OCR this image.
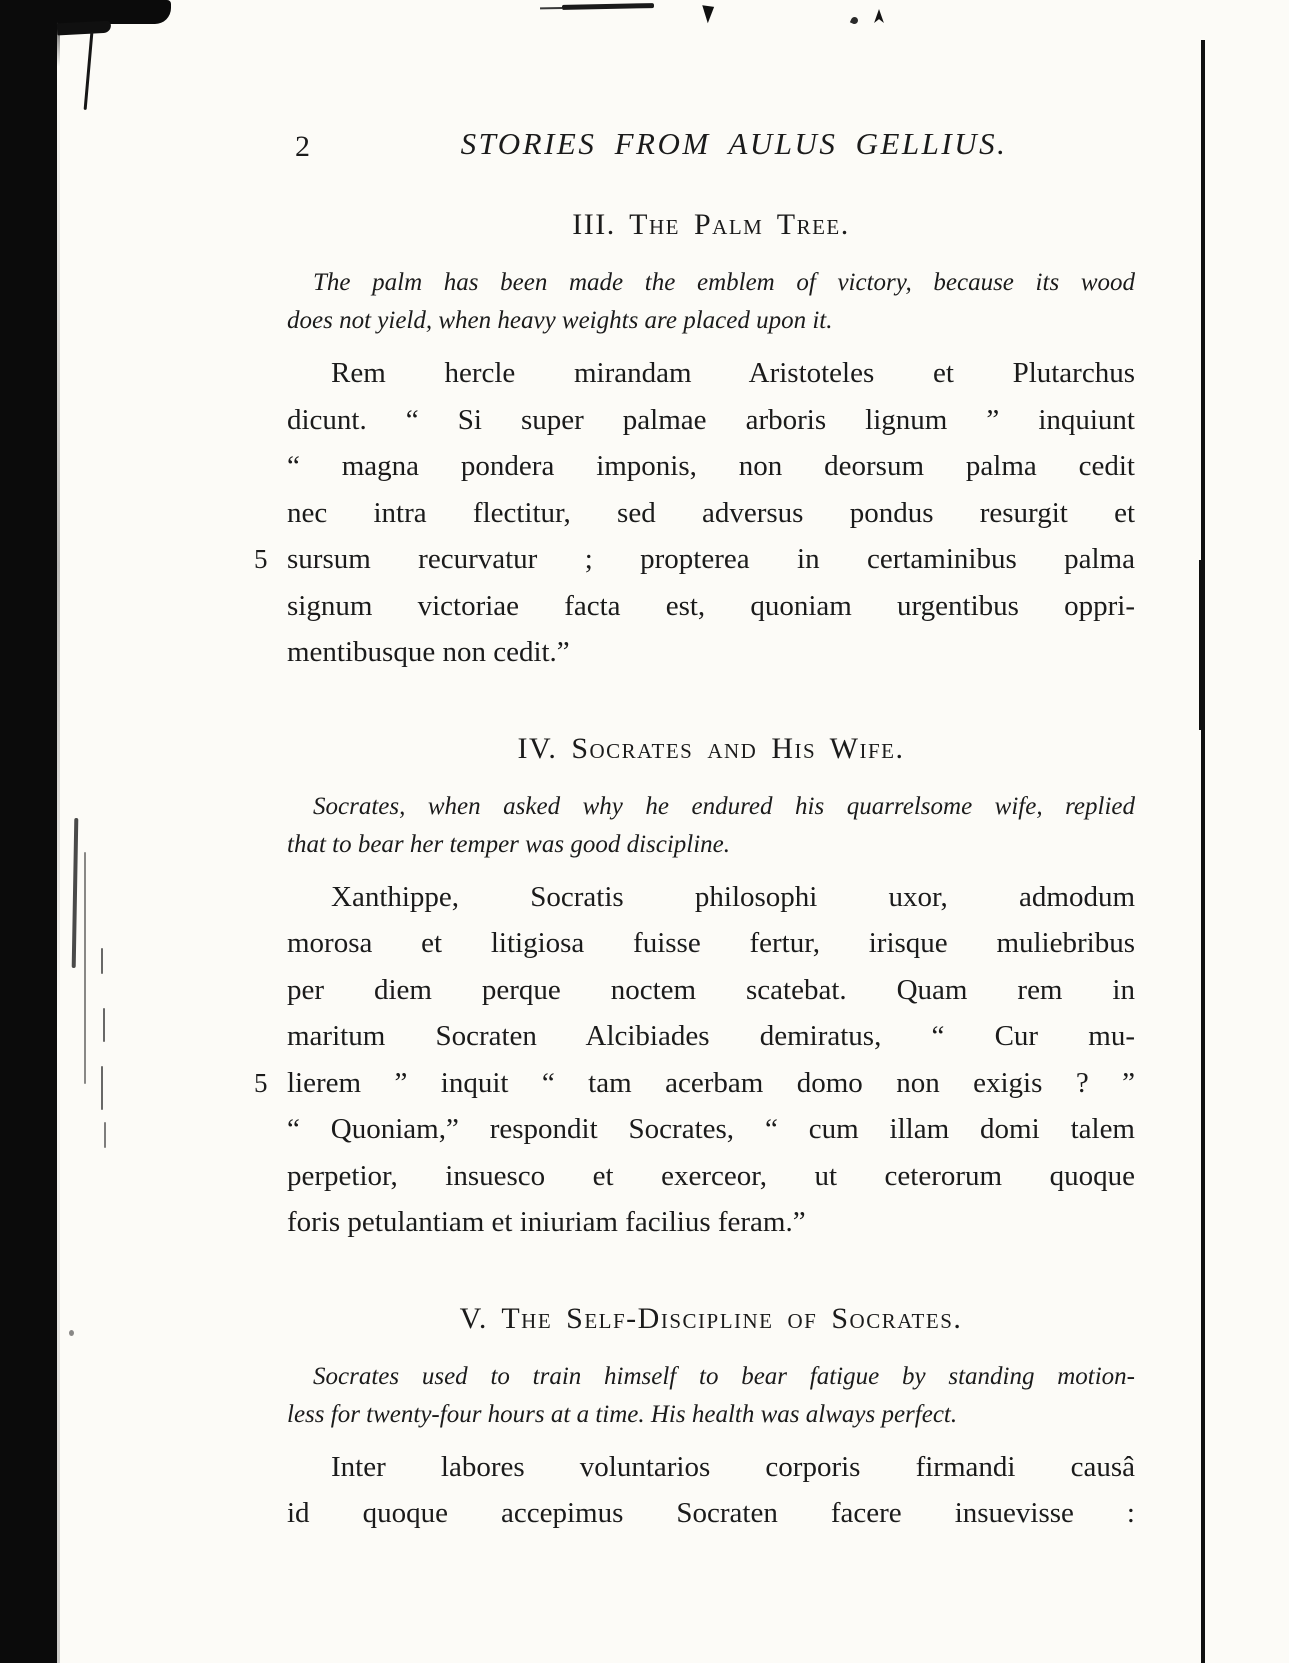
2	STORIES FROM AULUS GELLIUS.
III. The Palm Tree.
The palm has been made the emblem of victory, because its wood
does not yield, when heavy weights are placed upon it.
Rem hercle mirandam Aristoteles et Plutarchus
dicunt. “ Si super palmae arboris lignum ” inquiunt
“ magna pondera imponis, non deorsum palma cedit
nec intra flectitur, sed adversus pondus resurgit et
5 sursum recurvatur ; propterea in certaminibus palma
signum victoriae facta est, quoniam urgentibus oppri-
mentibusque non cedit.”
IV. Socrates and His Wife.
Socrates, when asked why he endured his quarrelsome wife, replied
that to bear her temper was good discipline.
Xanthippe, Socratis philosophi uxor, admodum
morosa et litigiosa fuisse fertur, irisque muliebribus
per diem perque noctem scatebat. Quam rem in
maritum Socraten Alcibiades demiratus, “ Cur mu-
5 lierem ” inquit “ tam acerbam domo non exigis ? ”
“ Quoniam,” respondit Socrates, “ cum illam domi talem
perpetior, insuesco et exerceor, ut ceterorum quoque
foris petulantiam et iniuriam facilius feram.”
V. The Self-Discipline of Socrates.
Socrates used to train himself to bear fatigue by standing motion-
less for twenty-four hours at a time. His health was always perfect.
Inter labores voluntarios corporis firmandi causâ
id quoque accepimus Socraten facere insuevisse :
